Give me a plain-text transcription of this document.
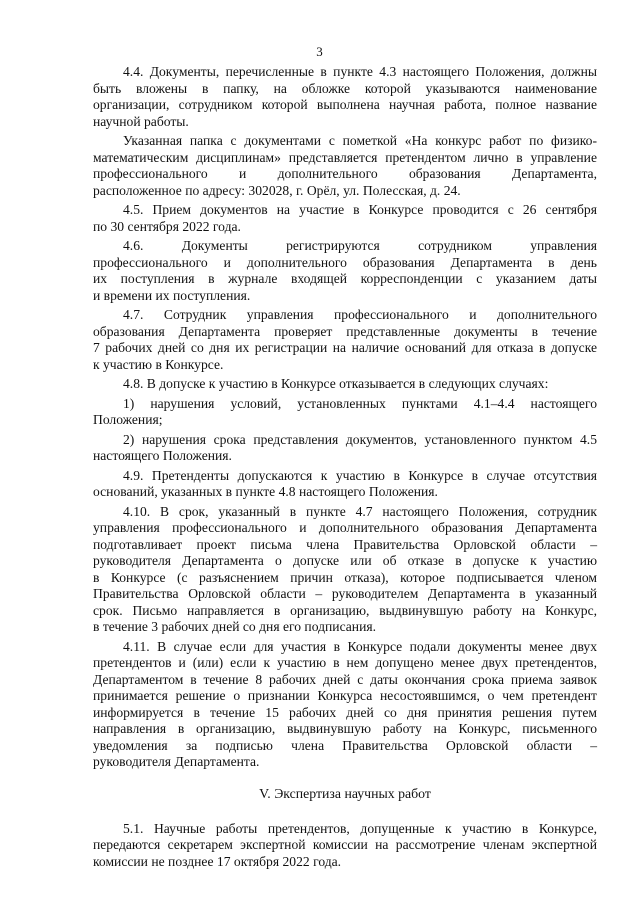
3
4.4. Документы, перечисленные в пункте 4.3 настоящего Положения, должны
быть вложены в папку, на обложке которой указываются наименование
организации, сотрудником которой выполнена научная работа, полное название
научной работы.
Указанная папка с документами с пометкой «На конкурс работ по физико-
математическим дисциплинам» представляется претендентом лично в управление
профессионального и дополнительного образования Департамента,
расположенное по адресу: 302028, г. Орёл, ул. Полесская, д. 24.
4.5. Прием документов на участие в Конкурсе проводится с 26 сентября
по 30 сентября 2022 года.
4.6. Документы регистрируются сотрудником управления
профессионального и дополнительного образования Департамента в день
их поступления в журнале входящей корреспонденции с указанием даты
и времени их поступления.
4.7. Сотрудник управления профессионального и дополнительного
образования Департамента проверяет представленные документы в течение
7 рабочих дней со дня их регистрации на наличие оснований для отказа в допуске
к участию в Конкурсе.
4.8. В допуске к участию в Конкурсе отказывается в следующих случаях:
1) нарушения условий, установленных пунктами 4.1–4.4 настоящего
Положения;
2) нарушения срока представления документов, установленного пунктом 4.5
настоящего Положения.
4.9. Претенденты допускаются к участию в Конкурсе в случае отсутствия
оснований, указанных в пункте 4.8 настоящего Положения.
4.10. В срок, указанный в пункте 4.7 настоящего Положения, сотрудник
управления профессионального и дополнительного образования Департамента
подготавливает проект письма члена Правительства Орловской области –
руководителя Департамента о допуске или об отказе в допуске к участию
в Конкурсе (с разъяснением причин отказа), которое подписывается членом
Правительства Орловской области – руководителем Департамента в указанный
срок. Письмо направляется в организацию, выдвинувшую работу на Конкурс,
в течение 3 рабочих дней со дня его подписания.
4.11. В случае если для участия в Конкурсе подали документы менее двух
претендентов и (или) если к участию в нем допущено менее двух претендентов,
Департаментом в течение 8 рабочих дней с даты окончания срока приема заявок
принимается решение о признании Конкурса несостоявшимся, о чем претендент
информируется в течение 15 рабочих дней со дня принятия решения путем
направления в организацию, выдвинувшую работу на Конкурс, письменного
уведомления за подписью члена Правительства Орловской области –
руководителя Департамента.
V. Экспертиза научных работ
5.1. Научные работы претендентов, допущенные к участию в Конкурсе,
передаются секретарем экспертной комиссии на рассмотрение членам экспертной
комиссии не позднее 17 октября 2022 года.
